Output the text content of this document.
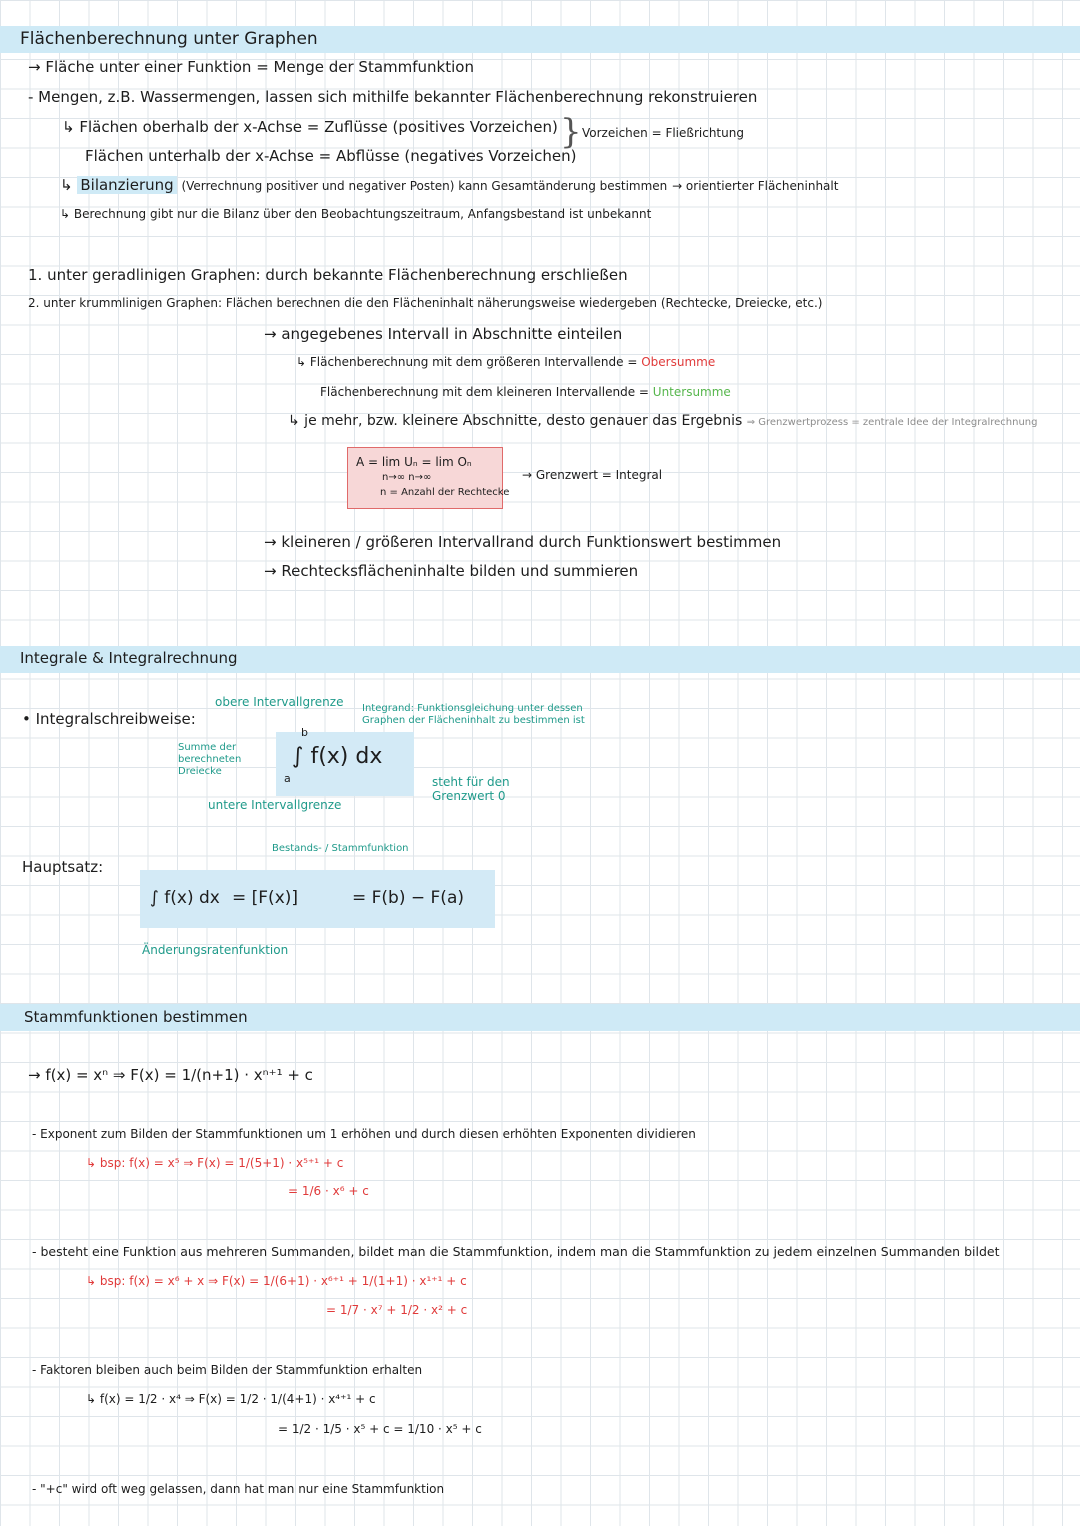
Flächenberechnung unter Graphen
→ Fläche unter einer Funktion = Menge der Stammfunktion
- Mengen, z.B. Wassermengen, lassen sich mithilfe bekannter Flächenberechnung rekonstruieren
↳ Flächen oberhalb der x-Achse = Zuflüsse (positives Vorzeichen)
Flächen unterhalb der x-Achse = Abflüsse (negatives Vorzeichen)
} Vorzeichen = Fließrichtung
↳ Bilanzierung (Verrechnung positiver und negativer Posten) kann Gesamtänderung bestimmen → orientierter Flächeninhalt
↳ Berechnung gibt nur die Bilanz über den Beobachtungszeitraum, Anfangsbestand ist unbekannt
1. unter geradlinigen Graphen: durch bekannte Flächenberechnung erschließen
2. unter krummlinigen Graphen: Flächen berechnen die den Flächeninhalt näherungsweise wiedergeben (Rechtecke, Dreiecke, etc.)
→ angegebenes Intervall in Abschnitte einteilen
↳ Flächenberechnung mit dem größeren Intervallende = Obersumme
Flächenberechnung mit dem kleineren Intervallende = Untersumme
↳ je mehr, bzw. kleinere Abschnitte, desto genauer das Ergebnis ⇒ Grenzwertprozess = zentrale Idee der Integralrechnung
A = lim Uₙ = lim Oₙ
n→∞ n→∞
n = Anzahl der Rechtecke
→ Grenzwert = Integral
→ kleineren / größeren Intervallrand durch Funktionswert bestimmen
→ Rechtecksflächeninhalte bilden und summieren
Integrale & Integralrechnung
• Integralschreibweise:
obere Intervallgrenze
untere Intervallgrenze
Summe der berechneten Dreiecke
b
∫ f(x) dx
a
Integrand: Funktionsgleichung unter dessen Graphen der Flächeninhalt zu bestimmen ist
steht für den Grenzwert 0
Hauptsatz:
Bestands- / Stammfunktion
∫ f(x) dx = [F(x)]	= F(b) − F(a)
Änderungsratenfunktion
Stammfunktionen bestimmen
→ f(x) = xⁿ ⇒ F(x) = 1/(n+1) · xⁿ⁺¹ + c
- Exponent zum Bilden der Stammfunktionen um 1 erhöhen und durch diesen erhöhten Exponenten dividieren
↳ bsp: f(x) = x⁵ ⇒ F(x) = 1/(5+1) · x⁵⁺¹ + c
= 1/6 · x⁶ + c
- besteht eine Funktion aus mehreren Summanden, bildet man die Stammfunktion, indem man die Stammfunktion zu jedem einzelnen Summanden bildet
↳ bsp: f(x) = x⁶ + x ⇒ F(x) = 1/(6+1) · x⁶⁺¹ + 1/(1+1) · x¹⁺¹ + c
= 1/7 · x⁷ + 1/2 · x² + c
- Faktoren bleiben auch beim Bilden der Stammfunktion erhalten
↳ f(x) = 1/2 · x⁴ ⇒ F(x) = 1/2 · 1/(4+1) · x⁴⁺¹ + c
= 1/2 · 1/5 · x⁵ + c = 1/10 · x⁵ + c
- "+c" wird oft weg gelassen, dann hat man nur eine Stammfunktion
